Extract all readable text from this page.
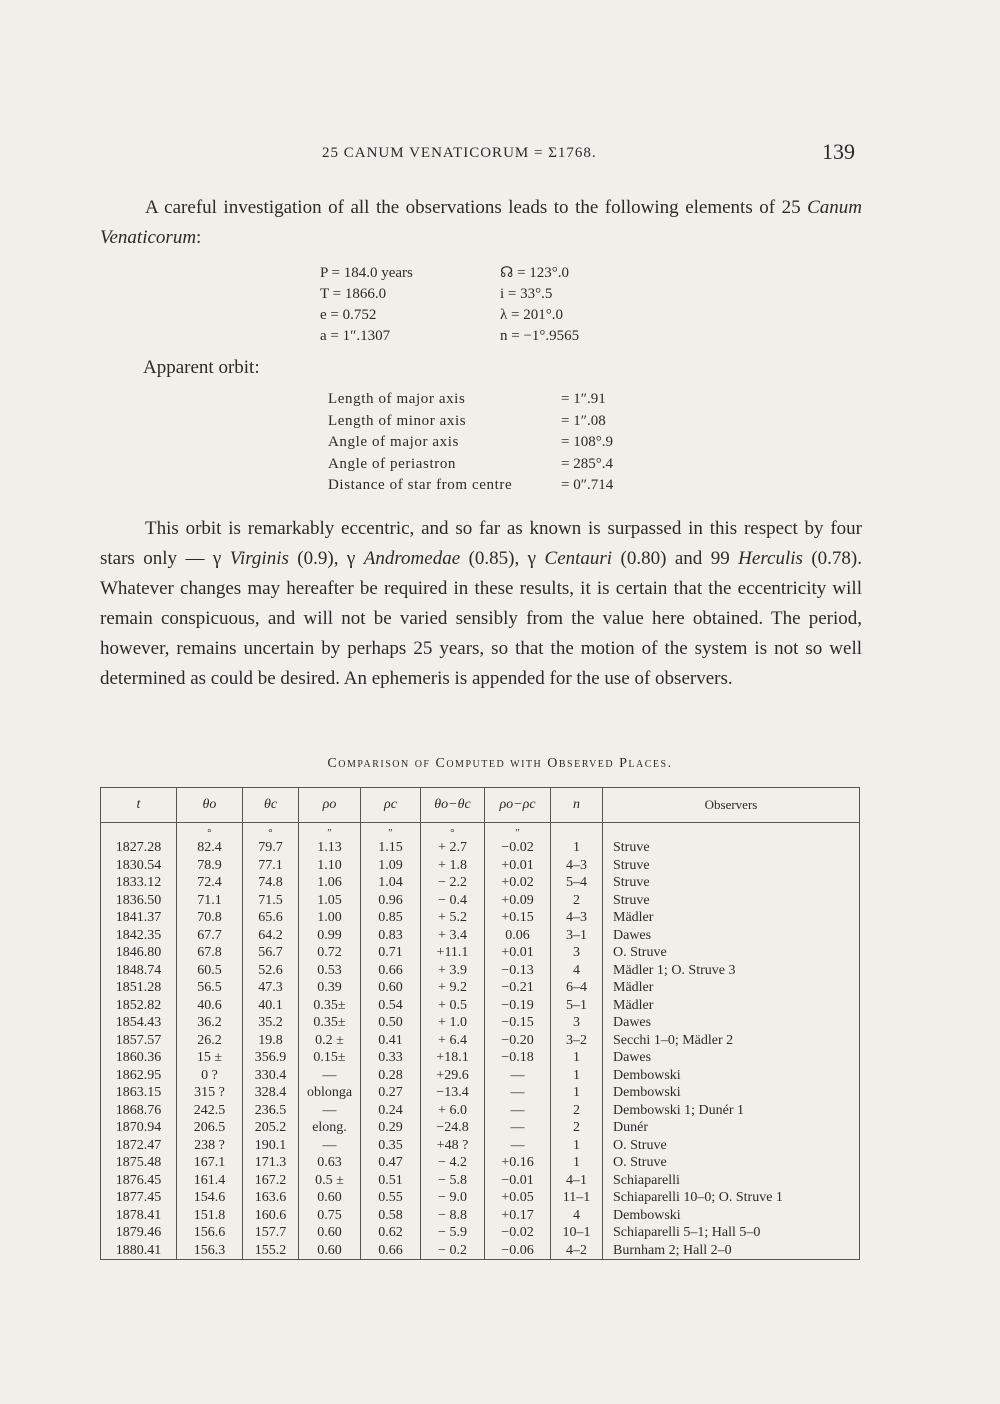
25 CANUM VENATICORUM = Σ1768.	139

A careful investigation of all the observations leads to the following elements of 25 Canum Venaticorum:

P = 184.0 years	☊ = 123°.0
T = 1866.0	i = 33°.5
e = 0.752	λ = 201°.0
a = 1″.1307	n = −1°.9565
Apparent orbit:
Length of major axis	= 1″.91
Length of minor axis	= 1″.08
Angle of major axis	= 108°.9
Angle of periastron	= 285°.4
Distance of star from centre	= 0″.714

This orbit is remarkably eccentric, and so far as known is surpassed in this respect by four stars only — γ Virginis (0.9), γ Andromedae (0.85), γ Centauri (0.80) and 99 Herculis (0.78). Whatever changes may hereafter be required in these results, it is certain that the eccentricity will remain conspicuous, and will not be varied sensibly from the value here obtained. The period, however, remains uncertain by perhaps 25 years, so that the motion of the system is not so well determined as could be desired. An ephemeris is appended for the use of observers.

Comparison of Computed with Observed Places.
t	θo	θc	ρo	ρc	θo−θc	ρo−ρc	n	Observers
	°	°	″	″	°	″		
1827.28	82.4	79.7	1.13	1.15	+ 2.7	−0.02	1	Struve
1830.54	78.9	77.1	1.10	1.09	+ 1.8	+0.01	4–3	Struve
1833.12	72.4	74.8	1.06	1.04	− 2.2	+0.02	5–4	Struve
1836.50	71.1	71.5	1.05	0.96	− 0.4	+0.09	2	Struve
1841.37	70.8	65.6	1.00	0.85	+ 5.2	+0.15	4–3	Mädler
1842.35	67.7	64.2	0.99	0.83	+ 3.4	0.06	3–1	Dawes
1846.80	67.8	56.7	0.72	0.71	+11.1	+0.01	3	O. Struve
1848.74	60.5	52.6	0.53	0.66	+ 3.9	−0.13	4	Mädler 1; O. Struve 3
1851.28	56.5	47.3	0.39	0.60	+ 9.2	−0.21	6–4	Mädler
1852.82	40.6	40.1	0.35±	0.54	+ 0.5	−0.19	5–1	Mädler
1854.43	36.2	35.2	0.35±	0.50	+ 1.0	−0.15	3	Dawes
1857.57	26.2	19.8	0.2 ±	0.41	+ 6.4	−0.20	3–2	Secchi 1–0; Mädler 2
1860.36	15 ±	356.9	0.15±	0.33	+18.1	−0.18	1	Dawes
1862.95	0 ?	330.4	—	0.28	+29.6	—	1	Dembowski
1863.15	315 ?	328.4	oblonga	0.27	−13.4	—	1	Dembowski
1868.76	242.5	236.5	—	0.24	+ 6.0	—	2	Dembowski 1; Dunér 1
1870.94	206.5	205.2	elong.	0.29	−24.8	—	2	Dunér
1872.47	238 ?	190.1	—	0.35	+48 ?	—	1	O. Struve
1875.48	167.1	171.3	0.63	0.47	− 4.2	+0.16	1	O. Struve
1876.45	161.4	167.2	0.5 ±	0.51	− 5.8	−0.01	4–1	Schiaparelli
1877.45	154.6	163.6	0.60	0.55	− 9.0	+0.05	11–1	Schiaparelli 10–0; O. Struve 1
1878.41	151.8	160.6	0.75	0.58	− 8.8	+0.17	4	Dembowski
1879.46	156.6	157.7	0.60	0.62	− 5.9	−0.02	10–1	Schiaparelli 5–1; Hall 5–0
1880.41	156.3	155.2	0.60	0.66	− 0.2	−0.06	4–2	Burnham 2; Hall 2–0
